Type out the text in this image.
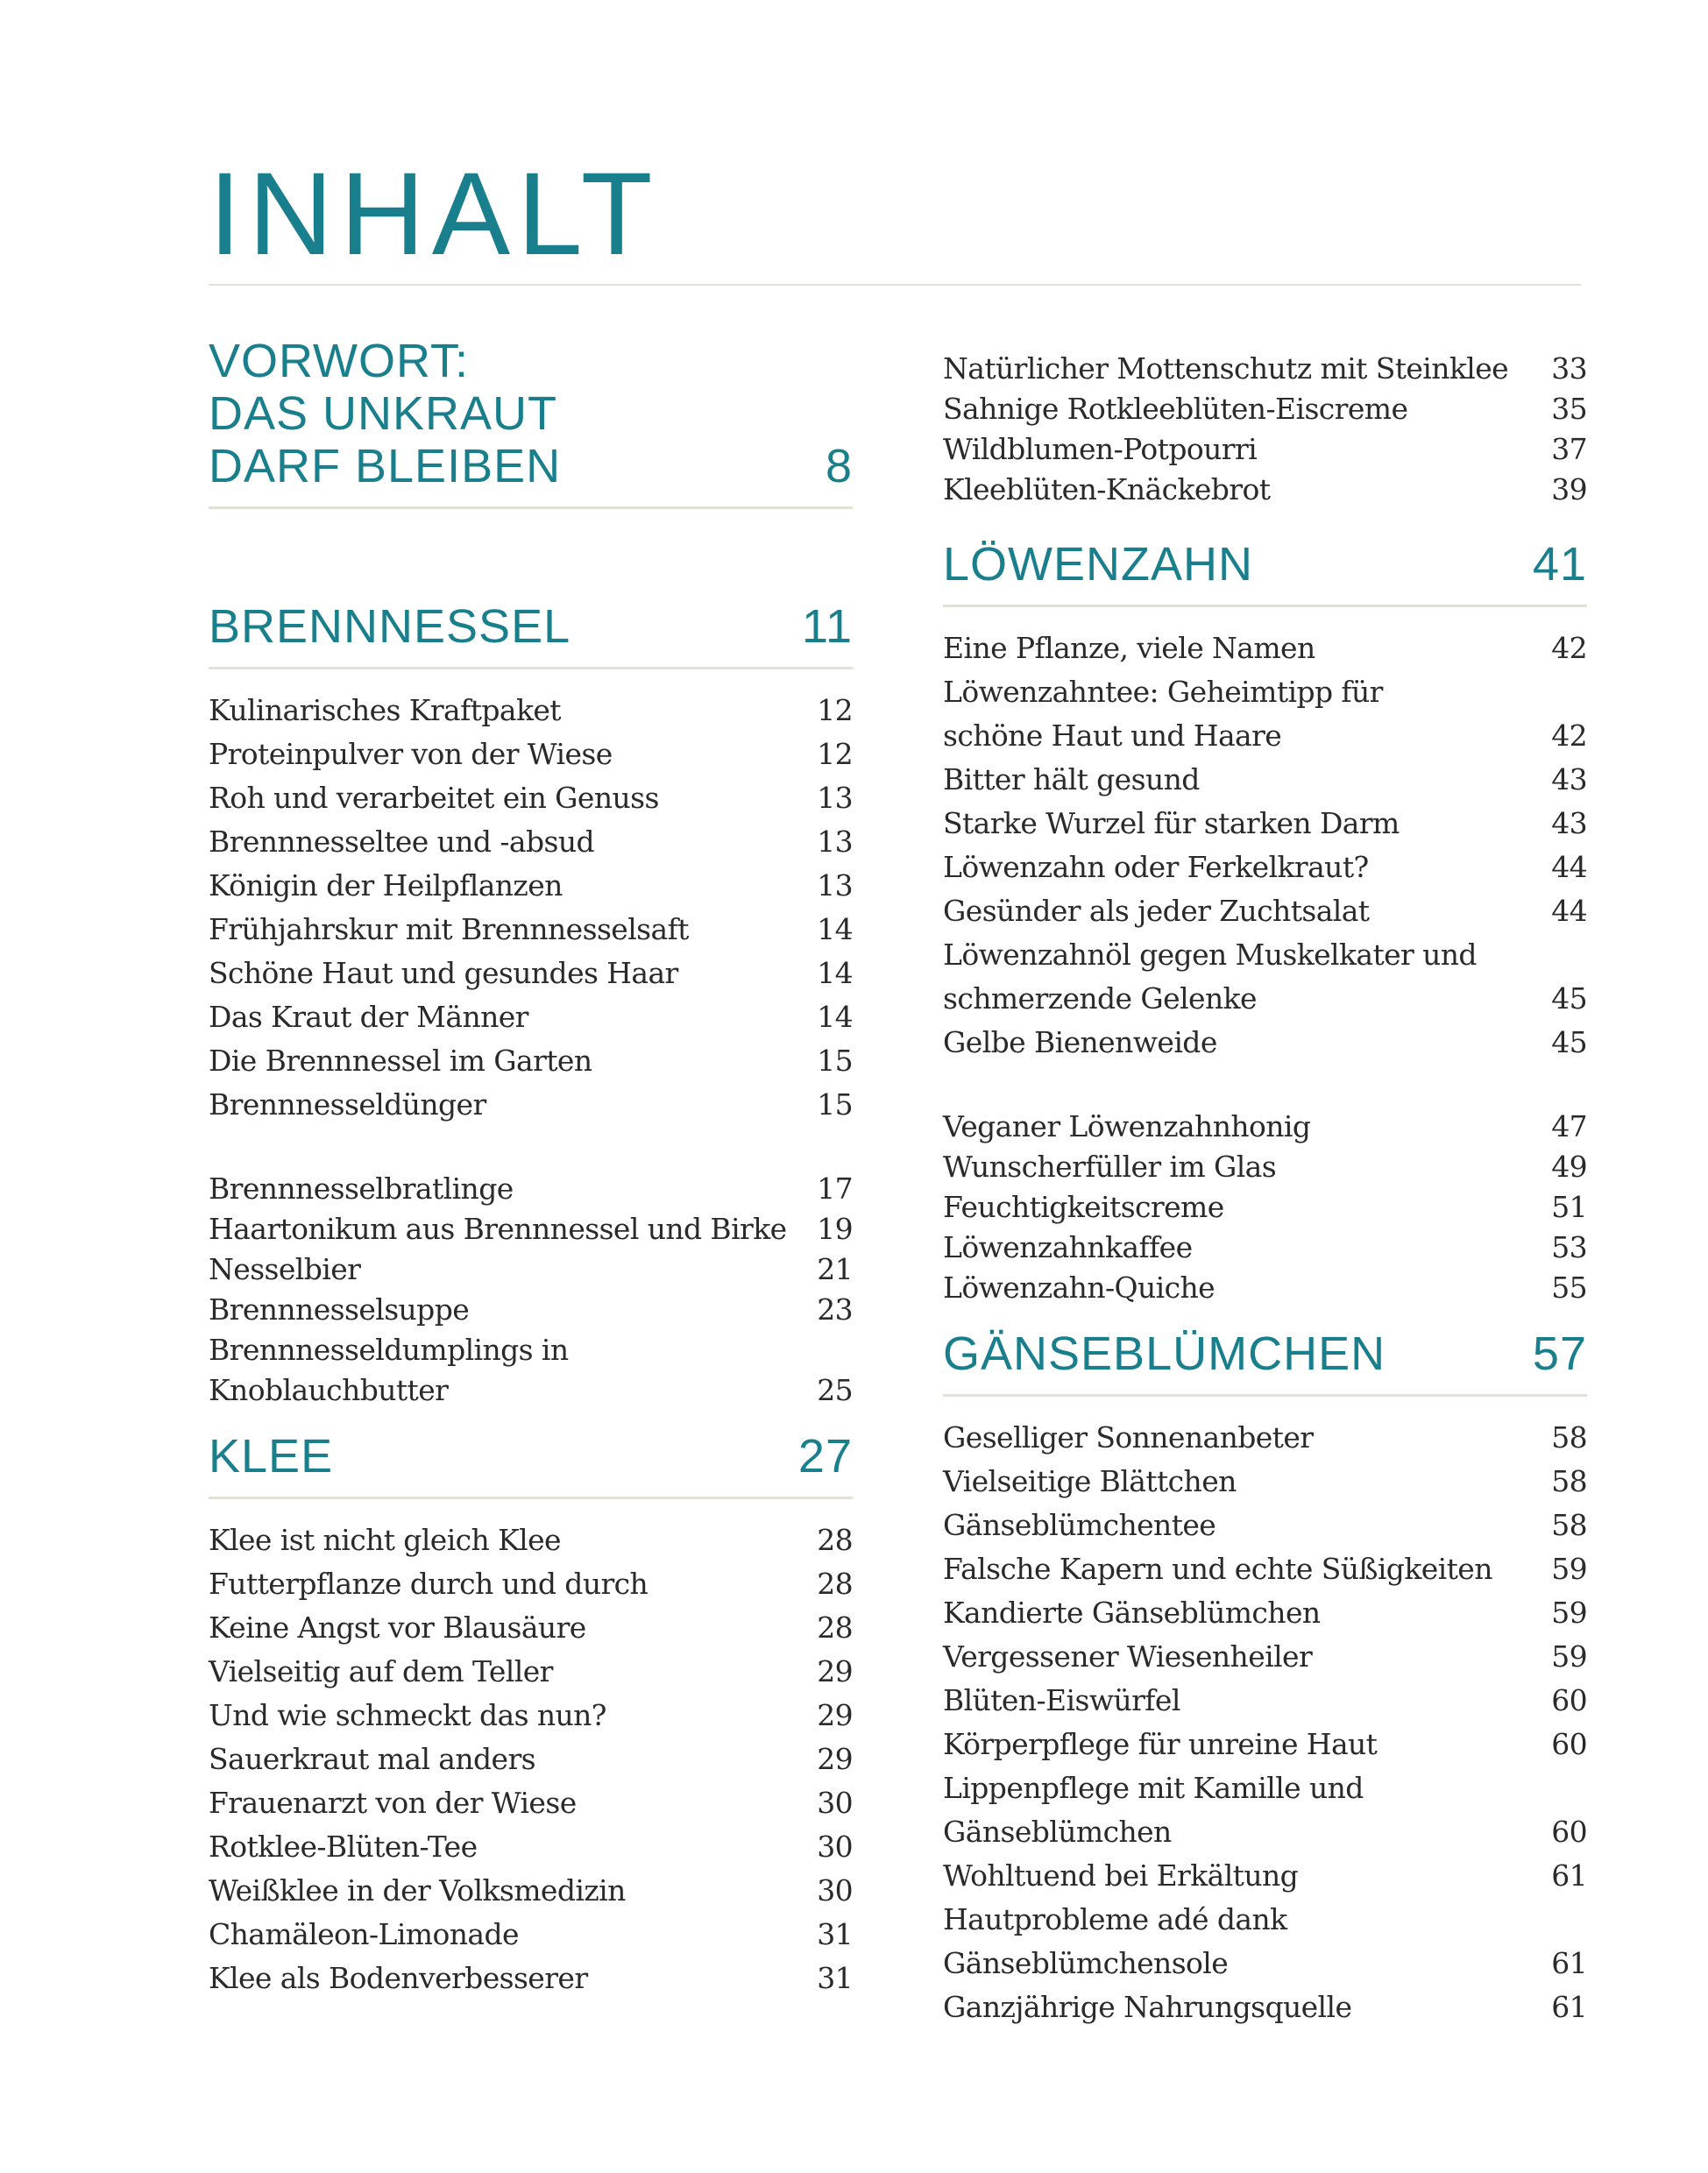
INHALT
VORWORT:
DAS UNKRAUT
DARF BLEIBEN	8
BRENNNESSEL	11
Kulinarisches Kraftpaket	12
Proteinpulver von der Wiese	12
Roh und verarbeitet ein Genuss	13
Brennnesseltee und -absud	13
Königin der Heilpflanzen	13
Frühjahrskur mit Brennnesselsaft	14
Schöne Haut und gesundes Haar	14
Das Kraut der Männer	14
Die Brennnessel im Garten	15
Brennnesseldünger	15
Brennnesselbratlinge	17
Haartonikum aus Brennnessel und Birke	19
Nesselbier	21
Brennnesselsuppe	23
Brennnesseldumplings in Knoblauchbutter	25
KLEE	27
Klee ist nicht gleich Klee	28
Futterpflanze durch und durch	28
Keine Angst vor Blausäure	28
Vielseitig auf dem Teller	29
Und wie schmeckt das nun?	29
Sauerkraut mal anders	29
Frauenarzt von der Wiese	30
Rotklee-Blüten-Tee	30
Weißklee in der Volksmedizin	30
Chamäleon-Limonade	31
Klee als Bodenverbesserer	31
Natürlicher Mottenschutz mit Steinklee	33
Sahnige Rotkleeblüten-Eiscreme	35
Wildblumen-Potpourri	37
Kleeblüten-Knäckebrot	39
LÖWENZAHN	41
Eine Pflanze, viele Namen	42
Löwenzahntee: Geheimtipp für
schöne Haut und Haare	42
Bitter hält gesund	43
Starke Wurzel für starken Darm	43
Löwenzahn oder Ferkelkraut?	44
Gesünder als jeder Zuchtsalat	44
Löwenzahnöl gegen Muskelkater und
schmerzende Gelenke	45
Gelbe Bienenweide	45
Veganer Löwenzahnhonig	47
Wunscherfüller im Glas	49
Feuchtigkeitscreme	51
Löwenzahnkaffee	53
Löwenzahn-Quiche	55
GÄNSEBLÜMCHEN	57
Geselliger Sonnenanbeter	58
Vielseitige Blättchen	58
Gänseblümchentee	58
Falsche Kapern und echte Süßigkeiten	59
Kandierte Gänseblümchen	59
Vergessener Wiesenheiler	59
Blüten-Eiswürfel	60
Körperpflege für unreine Haut	60
Lippenpflege mit Kamille und
Gänseblümchen	60
Wohltuend bei Erkältung	61
Hautprobleme adé dank Gänseblümchensole	61
Ganzjährige Nahrungsquelle	61
